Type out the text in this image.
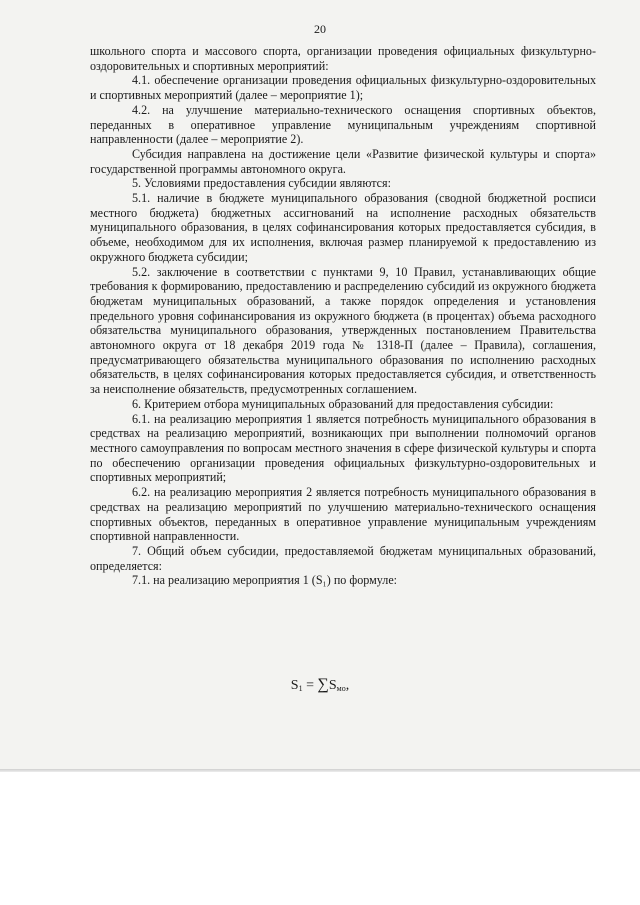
20

школьного спорта и массового спорта, организации проведения официальных физкультурно-оздоровительных и спортивных мероприятий:

4.1. обеспечение организации проведения официальных физкультурно-оздоровительных и спортивных мероприятий (далее – мероприятие 1);

4.2. на улучшение материально-технического оснащения спортивных объектов, переданных в оперативное управление муниципальным учреждениям спортивной направленности (далее – мероприятие 2).

Субсидия направлена на достижение цели «Развитие физической культуры и спорта» государственной программы автономного округа.

5. Условиями предоставления субсидии являются:

5.1. наличие в бюджете муниципального образования (сводной бюджетной росписи местного бюджета) бюджетных ассигнований на исполнение расходных обязательств муниципального образования, в целях софинансирования которых предоставляется субсидия, в объеме, необходимом для их исполнения, включая размер планируемой к предоставлению из окружного бюджета субсидии;

5.2. заключение в соответствии с пунктами 9, 10 Правил, устанавливающих общие требования к формированию, предоставлению и распределению субсидий из окружного бюджета бюджетам муниципальных образований, а также порядок определения и установления предельного уровня софинансирования из окружного бюджета (в процентах) объема расходного обязательства муниципального образования, утвержденных постановлением Правительства автономного округа от 18 декабря 2019 года № 1318-П (далее – Правила), соглашения, предусматривающего обязательства муниципального образования по исполнению расходных обязательств, в целях софинансирования которых предоставляется субсидия, и ответственность за неисполнение обязательств, предусмотренных соглашением.

6. Критерием отбора муниципальных образований для предоставления субсидии:

6.1. на реализацию мероприятия 1 является потребность муниципального образования в средствах на реализацию мероприятий, возникающих при выполнении полномочий органов местного самоуправления по вопросам местного значения в сфере физической культуры и спорта по обеспечению организации проведения официальных физкультурно-оздоровительных и спортивных мероприятий;

6.2. на реализацию мероприятия 2 является потребность муниципального образования в средствах на реализацию мероприятий по улучшению материально-технического оснащения спортивных объектов, переданных в оперативное управление муниципальным учреждениям спортивной направленности.

7. Общий объем субсидии, предоставляемой бюджетам муниципальных образований, определяется:

7.1. на реализацию мероприятия 1 (S₁) по формуле:

$S_1 = \sum S_{мо}$,
